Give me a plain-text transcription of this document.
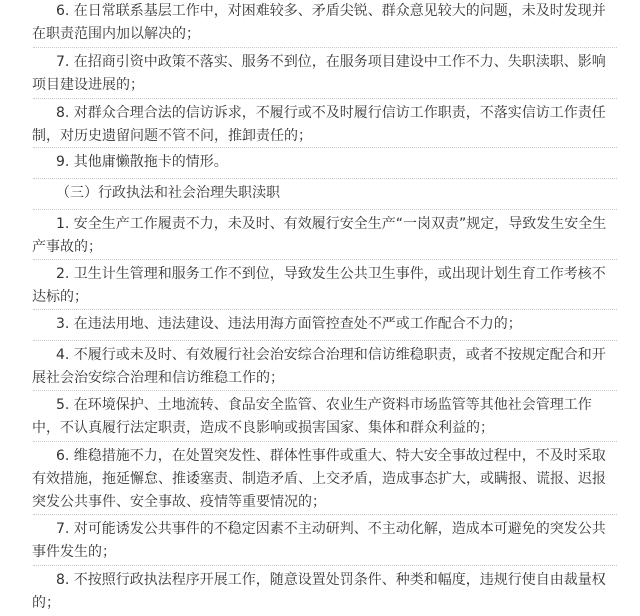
6. 在日常联系基层工作中，对困难较多、矛盾尖锐、群众意见较大的问题，未及时发现并在职责范围内加以解决的；

7. 在招商引资中政策不落实、服务不到位，在服务项目建设中工作不力、失职渎职、影响项目建设进展的；

8. 对群众合理合法的信访诉求，不履行或不及时履行信访工作职责，不落实信访工作责任制，对历史遗留问题不管不问，推卸责任的；

9. 其他庸懒散拖卡的情形。

（三）行政执法和社会治理失职渎职

1. 安全生产工作履责不力，未及时、有效履行安全生产“一岗双责”规定，导致发生安全生产事故的；

2. 卫生计生管理和服务工作不到位，导致发生公共卫生事件，或出现计划生育工作考核不达标的；

3. 在违法用地、违法建设、违法用海方面管控查处不严或工作配合不力的；

4. 不履行或未及时、有效履行社会治安综合治理和信访维稳职责，或者不按规定配合和开展社会治安综合治理和信访维稳工作的；

5. 在环境保护、土地流转、食品安全监管、农业生产资料市场监管等其他社会管理工作中，不认真履行法定职责，造成不良影响或损害国家、集体和群众利益的；

6. 维稳措施不力，在处置突发性、群体性事件或重大、特大安全事故过程中，不及时采取有效措施，拖延懈怠、推诿塞责、制造矛盾、上交矛盾，造成事态扩大，或瞒报、谎报、迟报突发公共事件、安全事故、疫情等重要情况的；

7. 对可能诱发公共事件的不稳定因素不主动研判、不主动化解，造成本可避免的突发公共事件发生的；

8. 不按照行政执法程序开展工作，随意设置处罚条件、种类和幅度，违规行使自由裁量权的；
